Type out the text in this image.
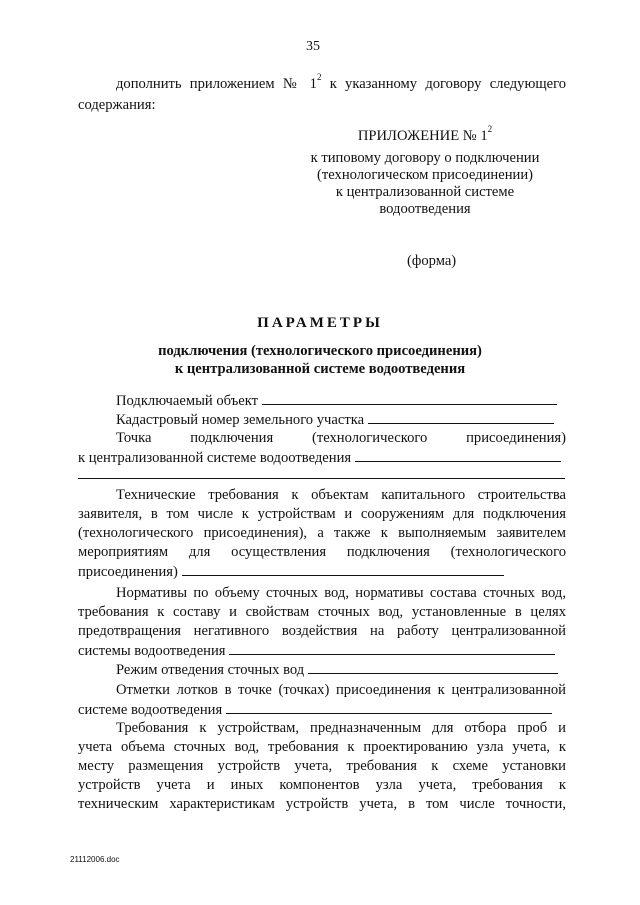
35
дополнить приложением № $1^2$ к указанному договору следующего
содержания:
ПРИЛОЖЕНИЕ № $1^2$
к типовому договору о подключении
(технологическом присоединении)
к централизованной системе
водоотведения
(форма)
ПАРАМЕТРЫ
подключения (технологического присоединения)
к централизованной системе водоотведения
Подключаемый объект
Кадастровый номер земельного участка
Точка подключения (технологического присоединения)
к централизованной системе водоотведения
Технические требования к объектам капитального строительства
заявителя, в том числе к устройствам и сооружениям для подключения
(технологического присоединения), а также к выполняемым заявителем
мероприятиям для осуществления подключения (технологического
присоединения)
Нормативы по объему сточных вод, нормативы состава сточных вод,
требования к составу и свойствам сточных вод, установленные в целях
предотвращения негативного воздействия на работу централизованной
системы водоотведения
Режим отведения сточных вод
Отметки лотков в точке (точках) присоединения к централизованной
системе водоотведения
Требования к устройствам, предназначенным для отбора проб и
учета объема сточных вод, требования к проектированию узла учета, к
месту размещения устройств учета, требования к схеме установки
устройств учета и иных компонентов узла учета, требования к
техническим характеристикам устройств учета, в том числе точности,
21112006.doc
